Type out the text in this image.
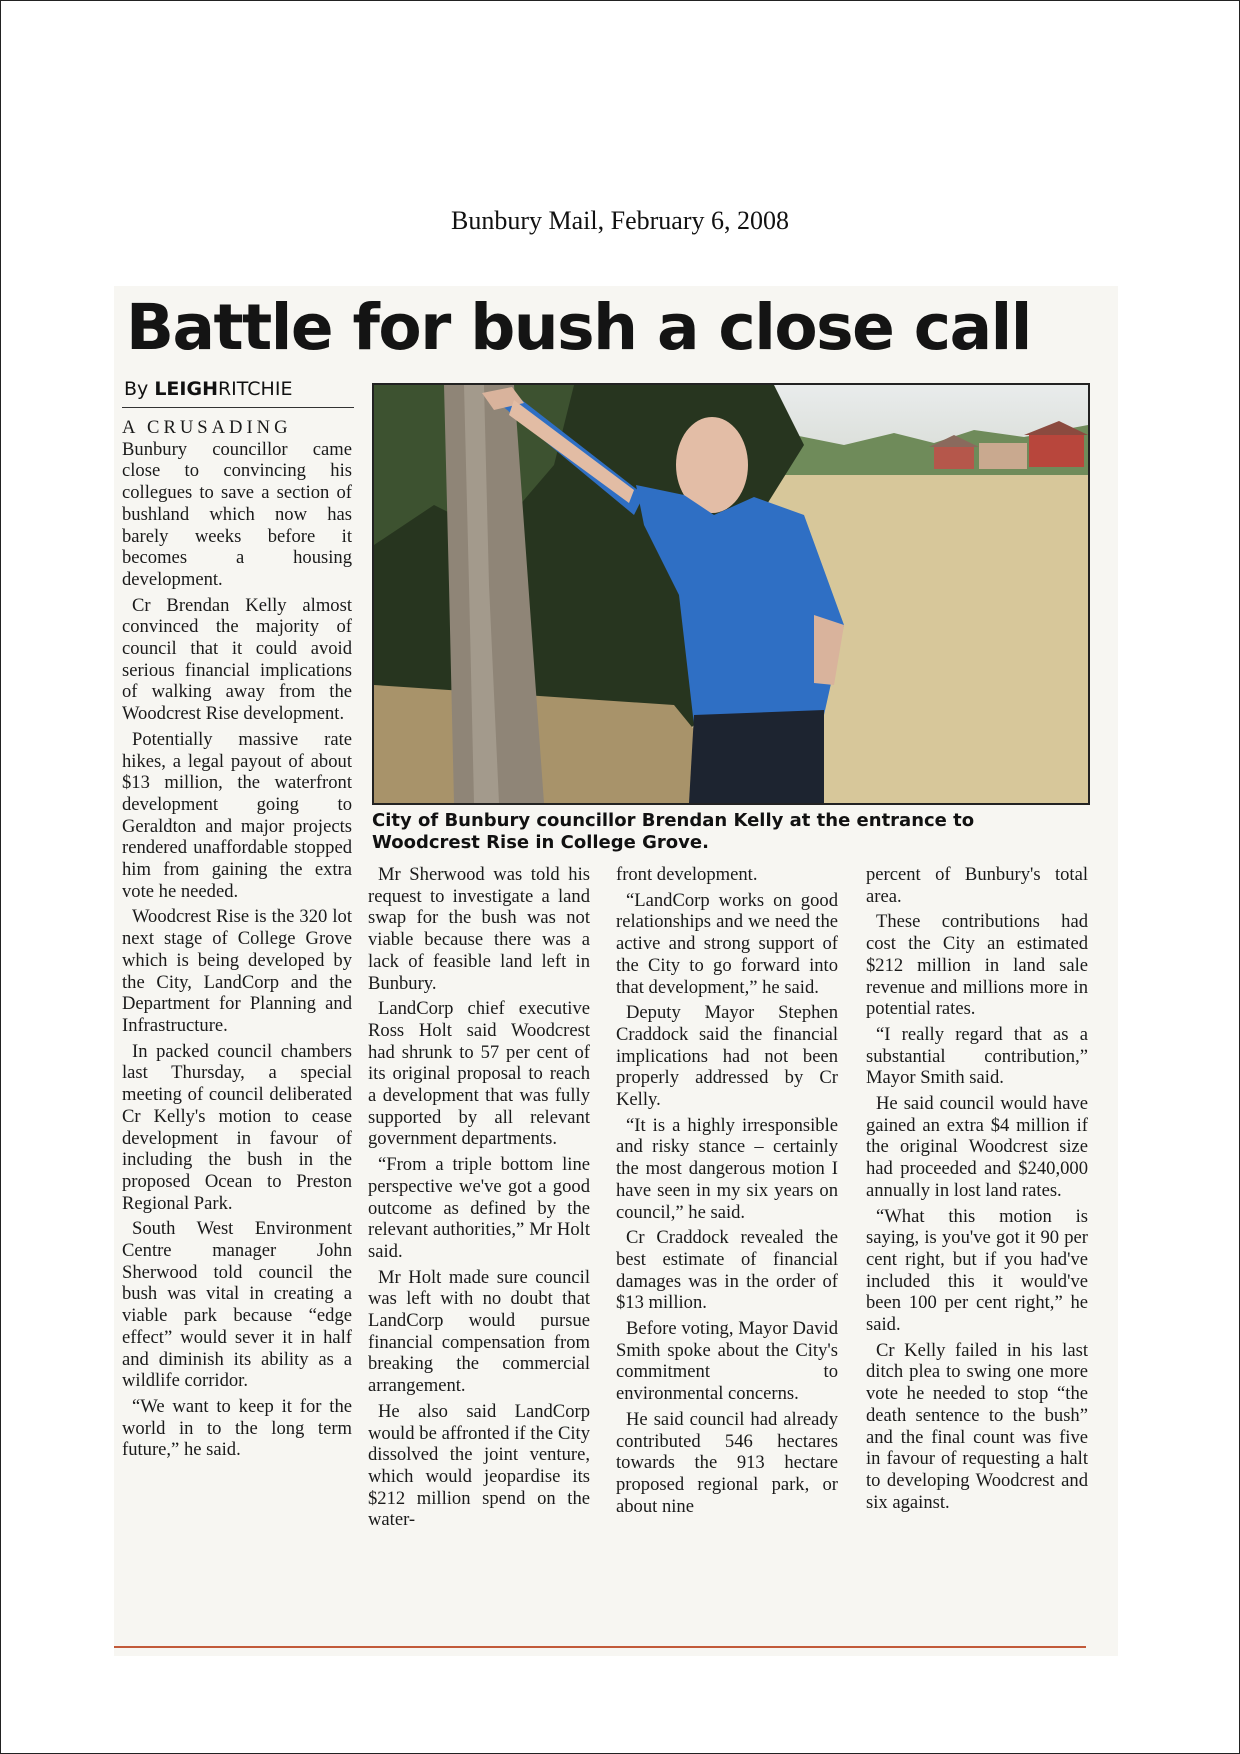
Bunbury Mail, February 6, 2008
Battle for bush a close call
By LEIGHRITCHIE

A CRUSADING
Bunbury councillor came close to convincing his collegues to save a section of bushland which now has barely weeks before it becomes a housing development.

Cr Brendan Kelly almost convinced the majority of council that it could avoid serious financial implications of walking away from the Woodcrest Rise development.

Potentially massive rate hikes, a legal payout of about $13 million, the waterfront development going to Geraldton and major projects rendered unaffordable stopped him from gaining the extra vote he needed.

Woodcrest Rise is the 320 lot next stage of College Grove which is being developed by the City, LandCorp and the Department for Planning and Infrastructure.

In packed council chambers last Thursday, a special meeting of council deliberated Cr Kelly's motion to cease development in favour of including the bush in the proposed Ocean to Preston Regional Park.

South West Environment Centre manager John Sherwood told council the bush was vital in creating a viable park because “edge effect” would sever it in half and diminish its ability as a wildlife corridor.

“We want to keep it for the world in to the long term future,” he said.

City of Bunbury councillor Brendan Kelly at the entrance to Woodcrest Rise in College Grove.

Mr Sherwood was told his request to investigate a land swap for the bush was not viable because there was a lack of feasible land left in Bunbury.

LandCorp chief executive Ross Holt said Woodcrest had shrunk to 57 per cent of its original proposal to reach a development that was fully supported by all relevant government departments.

“From a triple bottom line perspective we've got a good outcome as defined by the relevant authorities,” Mr Holt said.

Mr Holt made sure council was left with no doubt that LandCorp would pursue financial compensation from breaking the commercial arrangement.

He also said LandCorp would be affronted if the City dissolved the joint venture, which would jeopardise its $212 million spend on the water-

front development.

“LandCorp works on good relationships and we need the active and strong support of the City to go forward into that development,” he said.

Deputy Mayor Stephen Craddock said the financial implications had not been properly addressed by Cr Kelly.

“It is a highly irresponsible and risky stance – certainly the most dangerous motion I have seen in my six years on council,” he said.

Cr Craddock revealed the best estimate of financial damages was in the order of $13 million.

Before voting, Mayor David Smith spoke about the City's commitment to environmental concerns.

He said council had already contributed 546 hectares towards the 913 hectare proposed regional park, or about nine

percent of Bunbury's total area.

These contributions had cost the City an estimated $212 million in land sale revenue and millions more in potential rates.

“I really regard that as a substantial contribution,” Mayor Smith said.

He said council would have gained an extra $4 million if the original Woodcrest size had proceeded and $240,000 annually in lost land rates.

“What this motion is saying, is you've got it 90 per cent right, but if you had've included this it would've been 100 per cent right,” he said.

Cr Kelly failed in his last ditch plea to swing one more vote he needed to stop “the death sentence to the bush” and the final count was five in favour of requesting a halt to developing Woodcrest and six against.
